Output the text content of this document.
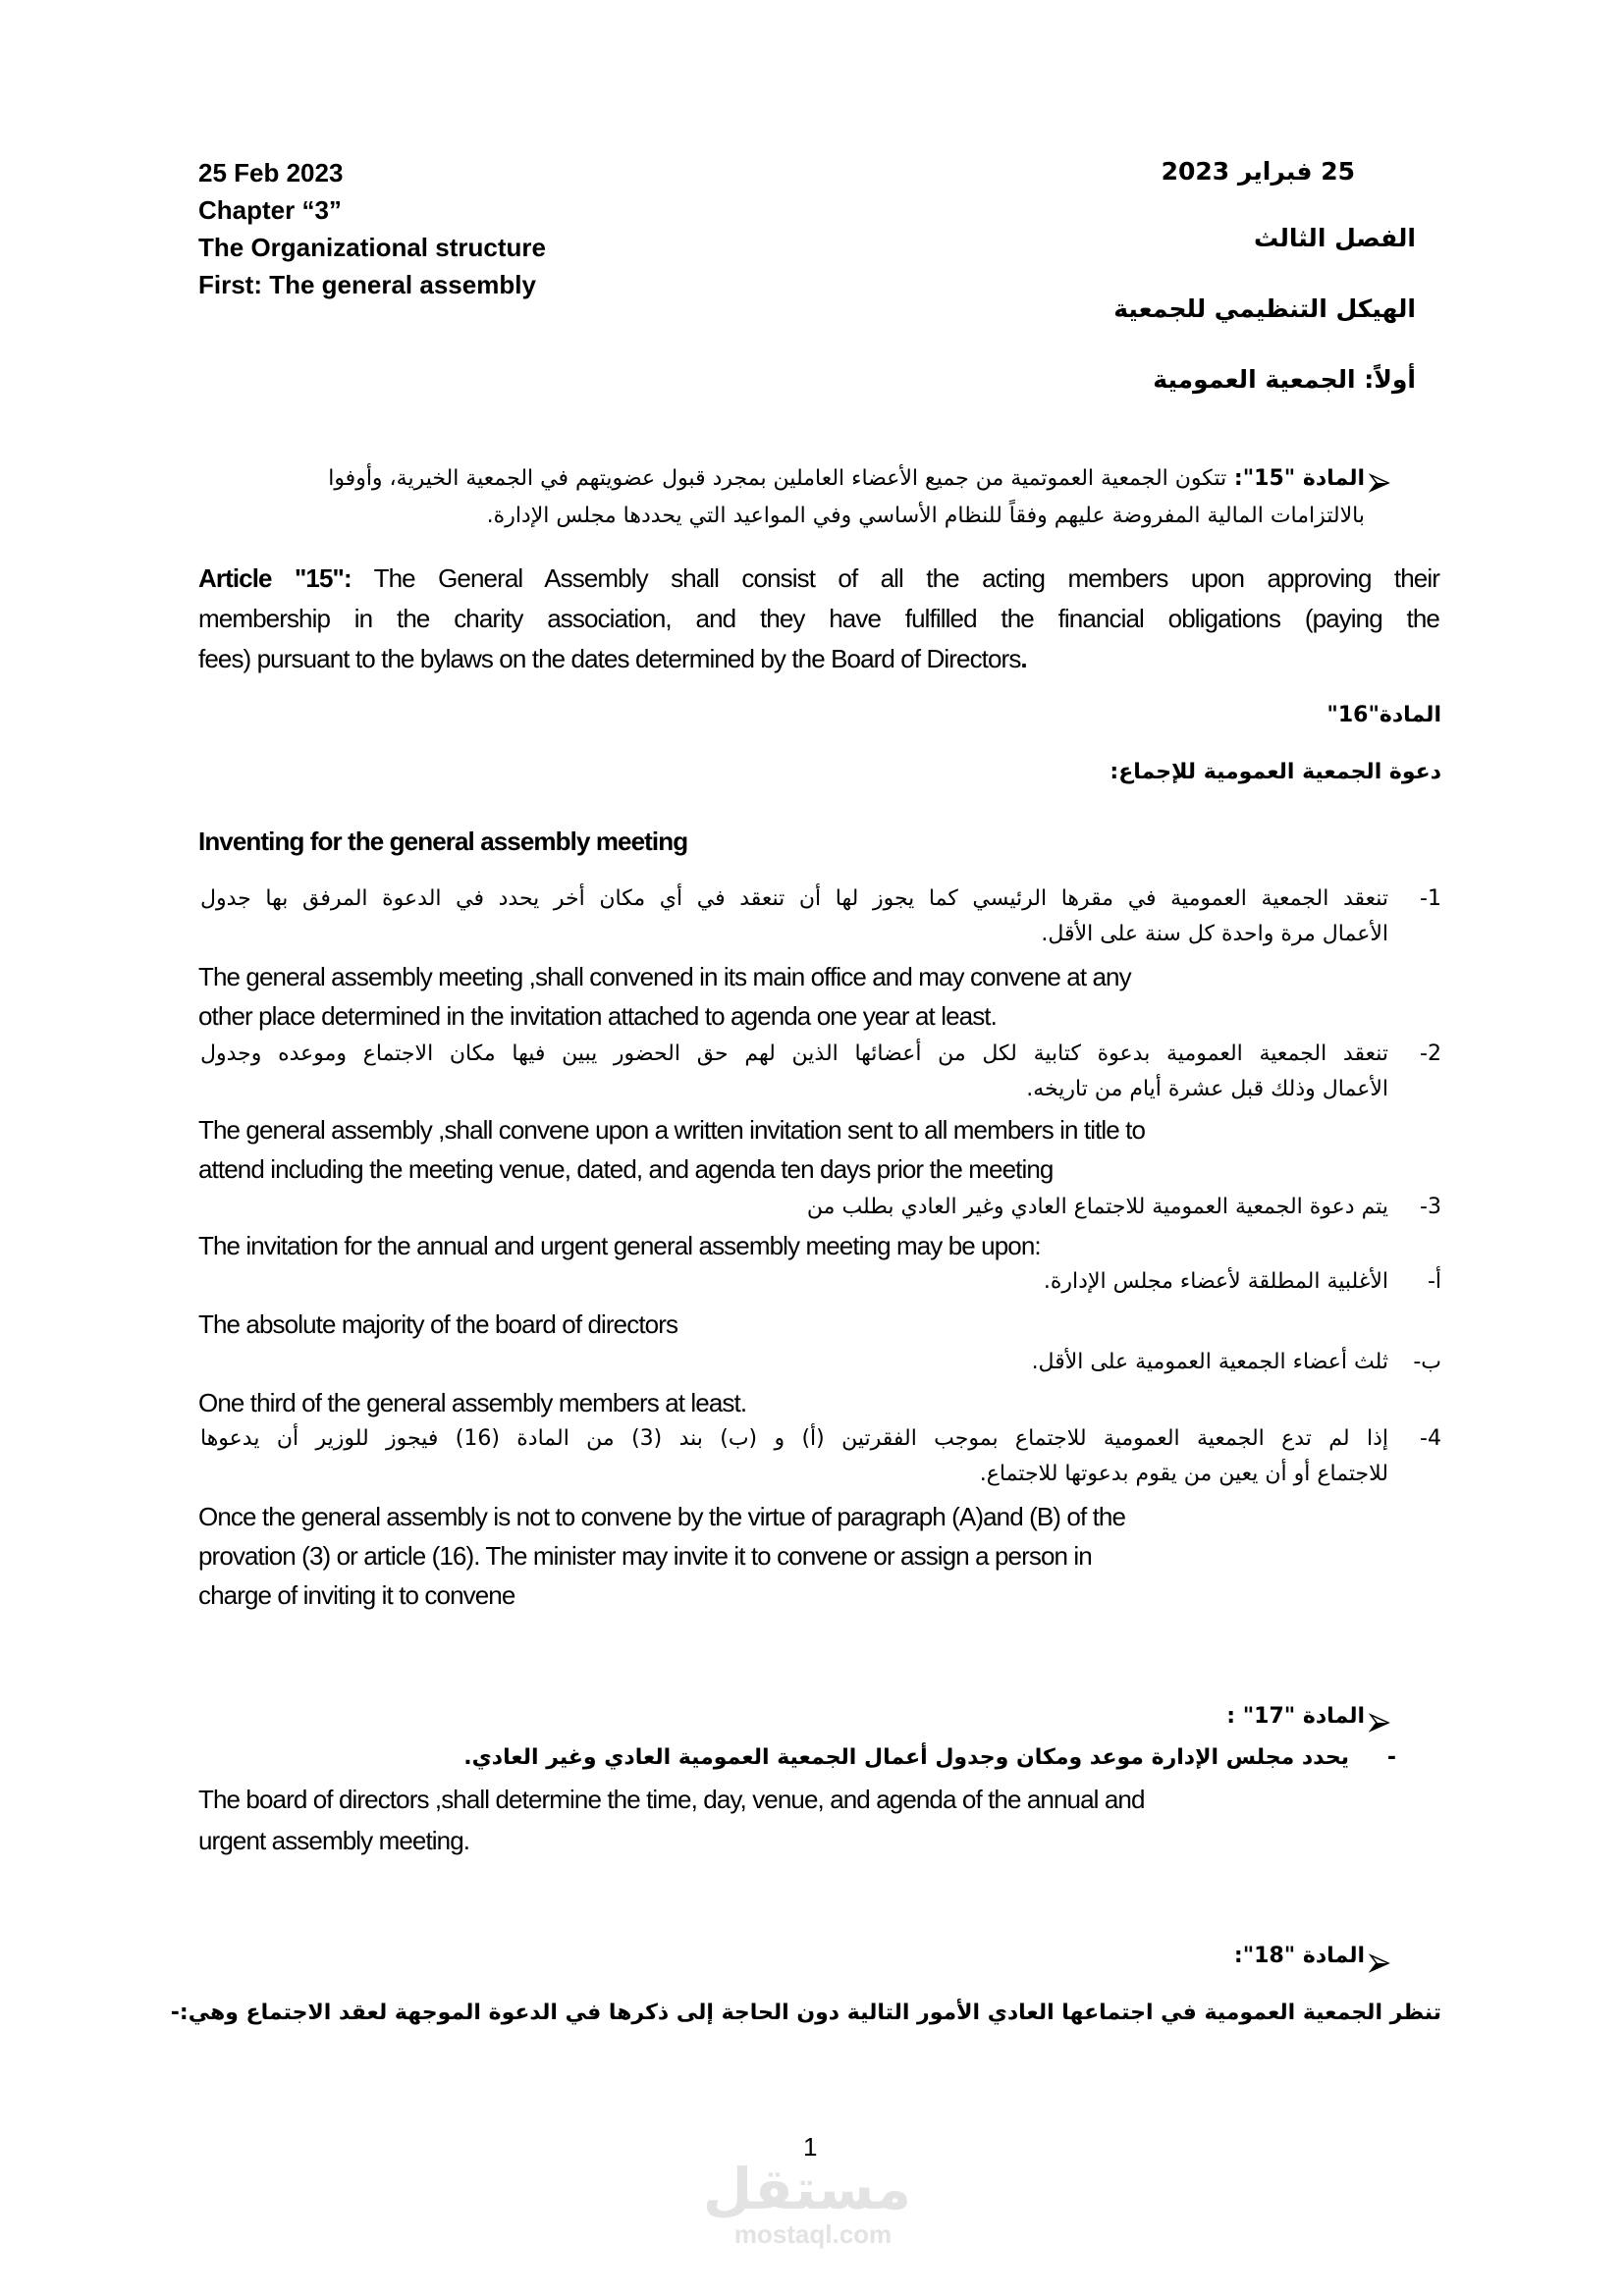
25 Feb 2023
Chapter “3”
The Organizational structure
First: The general assembly
25 فبراير 2023
الفصل الثالث
الهيكل التنظيمي للجمعية
أولاً: الجمعية العمومية
المادة "15": تتكون الجمعية العموتمية من جميع الأعضاء العاملين بمجرد قبول عضويتهم في الجمعية الخيرية، وأوفوا
بالالتزامات المالية المفروضة عليهم وفقاً للنظام الأساسي وفي المواعيد التي يحددها مجلس الإدارة.
Article "15": The General Assembly shall consist of all the acting members upon approving their
membership in the charity association, and they have fulfilled the financial obligations (paying the
fees) pursuant to the bylaws on the dates determined by the Board of Directors.
المادة"16"
دعوة الجمعية العمومية للإجماع:
Inventing for the general assembly meeting
1-
تنعقد الجمعية العمومية في مقرها الرئيسي كما يجوز لها أن تنعقد في أي مكان أخر يحدد في الدعوة المرفق بها جدول
الأعمال مرة واحدة كل سنة على الأقل.
The general assembly meeting ,shall convened in its main office and may convene at any
other place determined in the invitation attached to agenda one year at least.
2-
تنعقد الجمعية العمومية بدعوة كتابية لكل من أعضائها الذين لهم حق الحضور يبين فيها مكان الاجتماع وموعده وجدول
الأعمال وذلك قبل عشرة أيام من تاريخه.
The general assembly ,shall convene upon a written invitation sent to all members in title to
attend including the meeting venue, dated, and agenda ten days prior the meeting
3-يتم دعوة الجمعية العمومية للاجتماع العادي وغير العادي بطلب من
The invitation for the annual and urgent general assembly meeting may be upon:
أ-الأغلبية المطلقة لأعضاء مجلس الإدارة.
The absolute majority of the board of directors
ب-ثلث أعضاء الجمعية العمومية على الأقل.
One third of the general assembly members at least.
4-
إذا لم تدع الجمعية العمومية للاجتماع بموجب الفقرتين (أ) و (ب) بند (3) من المادة (16) فيجوز للوزير أن يدعوها
للاجتماع أو أن يعين من يقوم بدعوتها للاجتماع.
Once the general assembly is not to convene by the virtue of paragraph (A)and (B) of the
provation (3) or article (16). The minister may invite it to convene or assign a person in
charge of inviting it to convene
المادة "17" :
-يحدد مجلس الإدارة موعد ومكان وجدول أعمال الجمعية العمومية العادي وغير العادي.
The board of directors ,shall determine the time, day, venue, and agenda of the annual and
urgent assembly meeting.
المادة "18":
تنظر الجمعية العمومية في اجتماعها العادي الأمور التالية دون الحاجة إلى ذكرها في الدعوة الموجهة لعقد الاجتماع وهي:-
1
مستقل
mostaql.com
